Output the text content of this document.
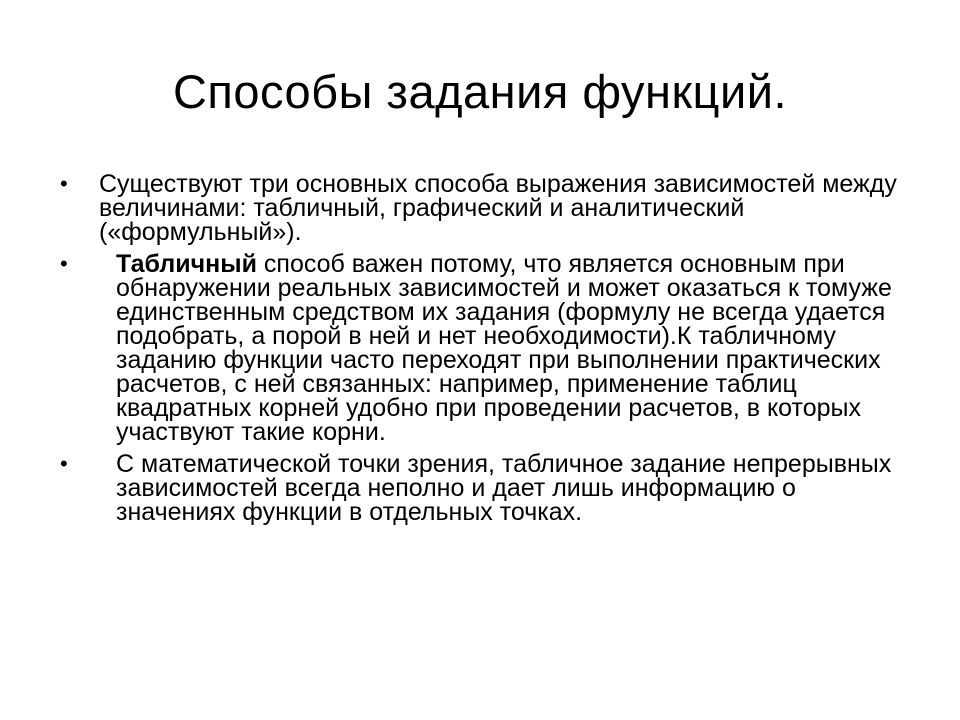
Способы задания функций.
•	Существуют три основных способа выражения зависимостей между величинами: табличный, графический и аналитический («формульный»).
•	Табличный способ важен потому, что является основным при обнаружении реальных зависимостей и может оказаться к томуже единственным средством их задания (формулу не всегда удается подобрать, а порой в ней и нет необходимости).К табличному заданию функции часто переходят при выполнении практических расчетов, с ней связанных: например, применение таблиц квадратных корней удобно при проведении расчетов, в которых участвуют такие корни.
•	С математической точки зрения, табличное задание непрерывных зависимостей всегда неполно и дает лишь информацию о значениях функции в отдельных точках.
